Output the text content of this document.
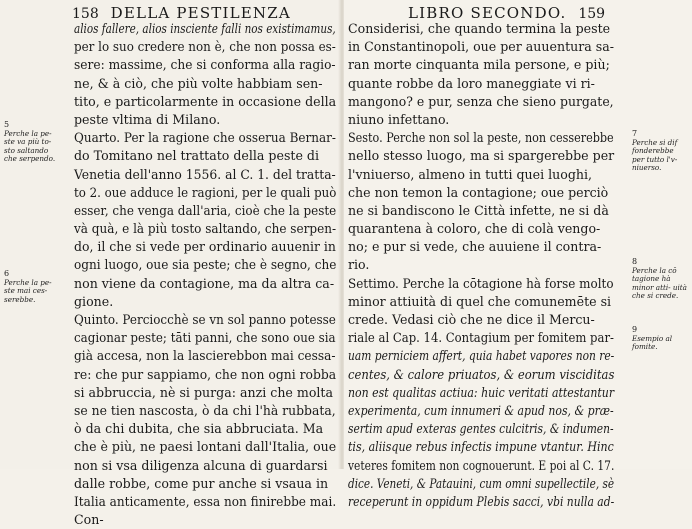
158 DELLA PESTILENZA
alios fallere, alios insciente falli nos existimamus,
per lo suo credere non è, che non possa es-
sere: massime, che si conforma alla ragio-
ne, & à ciò, che più volte habbiam sen-
tito, e particolarmente in occasione della
peste vltima di Milano.
Quarto. Per la ragione che osserua Bernar-
do Tomitano nel trattato della peste di
Venetia dell'anno 1556. al C. 1. del tratta-
to 2. oue adduce le ragioni, per le quali può
esser, che venga dall'aria, cioè che la peste
và quà, e là più tosto saltando, che serpen-
do, il che si vede per ordinario auuenir in
ogni luogo, oue sia peste; che è segno, che
non viene da contagione, ma da altra ca-
gione.
Quinto. Perciocchè se vn sol panno potesse
cagionar peste; tāti panni, che sono oue sia
già accesa, non la lascierebbon mai cessa-
re: che pur sappiamo, che non ogni robba
si abbruccia, nè si purga: anzi che molta
se ne tien nascosta, ò da chi l'hà rubbata,
ò da chi dubita, che sia abbruciata. Ma
che è più, ne paesi lontani dall'Italia, oue
non si vsa diligenza alcuna di guardarsi
dalle robbe, come pur anche si vsaua in
Italia anticamente, essa non finirebbe mai.
Con-
5
Perche la pe- ste va più to- sto saltando che serpendo.
6
Perche la pe- ste mai ces- serebbe.
LIBRO SECONDO. 159
Considerisi, che quando termina la peste
in Constantinopoli, oue per auuentura sa-
ran morte cinquanta mila persone, e più;
quante robbe da loro maneggiate vi ri-
mangono? e pur, senza che sieno purgate,
niuno infettano.
Sesto. Perche non sol la peste, non cesserebbe
nello stesso luogo, ma si spargerebbe per
l'vniuerso, almeno in tutti quei luoghi,
che non temon la contagione; oue perciò
ne si bandiscono le Città infette, ne si dà
quarantena à coloro, che di colà vengo-
no; e pur si vede, che auuiene il contra-
rio.
Settimo. Perche la cōtagione hà forse molto
minor attiuità di quel che comunemēte si
crede. Vedasi ciò che ne dice il Mercu-
riale al Cap. 14. Contagium per fomitem par-
uam perniciem affert, quia habet vapores non re-
centes, & calore priuatos, & eorum visciditas
non est qualitas actiua: huic veritati attestantur
experimenta, cum innumeri & apud nos, & præ-
sertim apud exteras gentes culcitris, & indumen-
tis, aliisque rebus infectis impune vtantur. Hinc
veteres fomitem non cognouerunt. E poi al C. 17.
dice. Veneti, & Patauini, cum omni supellectile, sè
receperunt in oppidum Plebis sacci, vbi nulla ad-
7
Perche si dif fonderebbe per tutto l'v- niuerso.
8
Perche la cō tagione hà minor atti- uità che si crede.
9
Esempio al fomite.
